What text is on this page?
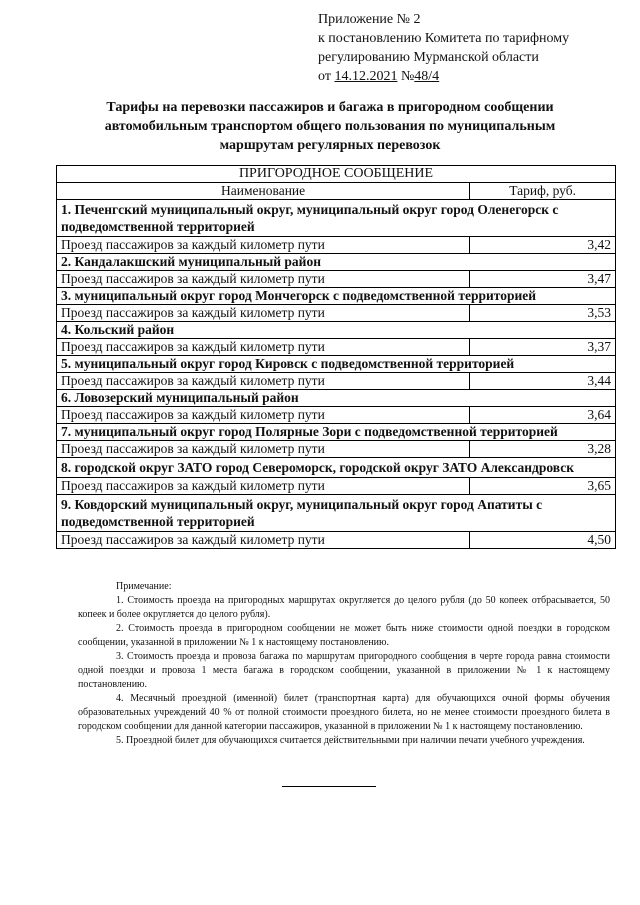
Приложение № 2
к постановлению Комитета по тарифному
регулированию Мурманской области
от 14.12.2021 №48/4
Тарифы на перевозки пассажиров и багажа в пригородном сообщении
автомобильным транспортом общего пользования по муниципальным
маршрутам регулярных перевозок
ПРИГОРОДНОЕ СООБЩЕНИЕ	
Наименование	Тариф, руб.
1. Печенгский муниципальный округ, муниципальный округ город Оленегорск с подведомственной территорией	
Проезд пассажиров за каждый километр пути	3,42
2. Кандалакшский муниципальный район	
Проезд пассажиров за каждый километр пути	3,47
3. муниципальный округ город Мончегорск с подведомственной территорией	
Проезд пассажиров за каждый километр пути	3,53
4. Кольский район	
Проезд пассажиров за каждый километр пути	3,37
5. муниципальный округ город Кировск с подведомственной территорией	
Проезд пассажиров за каждый километр пути	3,44
6. Ловозерский муниципальный район	
Проезд пассажиров за каждый километр пути	3,64
7. муниципальный округ город Полярные Зори с подведомственной территорией	
Проезд пассажиров за каждый километр пути	3,28
8. городской округ ЗАТО город Североморск, городской округ ЗАТО Александровск	
Проезд пассажиров за каждый километр пути	3,65
9. Ковдорский муниципальный округ, муниципальный округ город Апатиты с подведомственной территорией	
Проезд пассажиров за каждый километр пути	4,50
Примечание:

1. Стоимость проезда на пригородных маршрутах округляется до целого рубля (до 50 копеек отбрасывается, 50 копеек и более округляется до целого рубля).

2. Стоимость проезда в пригородном сообщении не может быть ниже стоимости одной поездки в городском сообщении, указанной в приложении № 1 к настоящему постановлению.

3. Стоимость проезда и провоза багажа по маршрутам пригородного сообщения в черте города равна стоимости одной поездки и провоза 1 места багажа в городском сообщении, указанной в приложении № 1 к настоящему постановлению.

4. Месячный проездной (именной) билет (транспортная карта) для обучающихся очной формы обучения образовательных учреждений 40 % от полной стоимости проездного билета, но не менее стоимости проездного билета в городском сообщении для данной категории пассажиров, указанной в приложении № 1 к настоящему постановлению.

5. Проездной билет для обучающихся считается действительными при наличии печати учебного учреждения.
